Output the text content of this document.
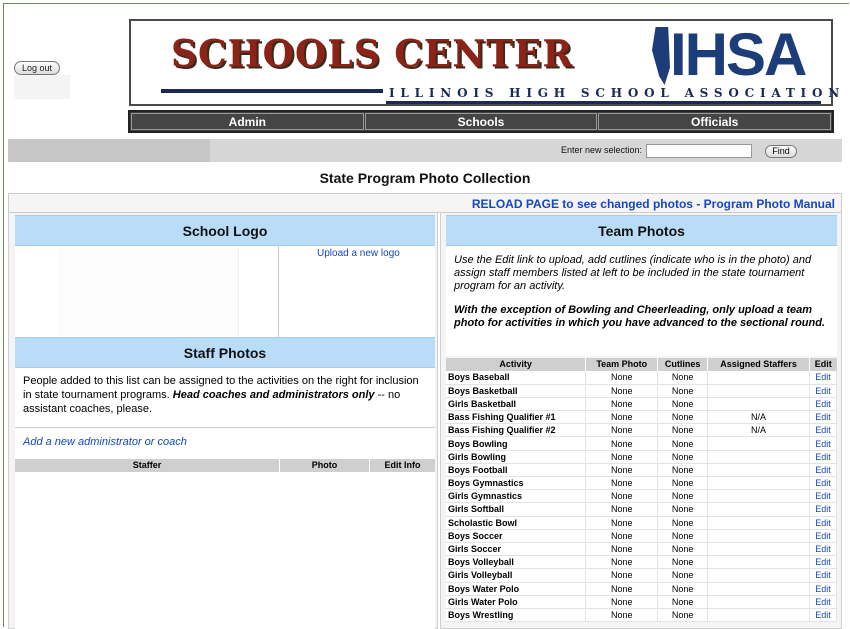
Log out	SCHOOLS CENTER
ILLINOIS HIGH SCHOOL ASSOCIATION
IHSA
Admin	Schools	Officials
Enter new selection:	Find
State Program Photo Collection
RELOAD PAGE to see changed photos - Program Photo Manual
School Logo
Upload a new logo
Staff Photos
People added to this list can be assigned to the activities on the right for inclusion in state tournament programs. Head coaches and administrators only -- no assistant coaches, please.
Add a new administrator or coach
Staffer	Photo	Edit Info
Team Photos

Use the Edit link to upload, add cutlines (indicate who is in the photo) and assign staff members listed at left to be included in the state tournament program for an activity.

With the exception of Bowling and Cheerleading, only upload a team photo for activities in which you have advanced to the sectional round.

Activity	Team Photo	Cutlines	Assigned Staffers	Edit
Boys Baseball	None	None		Edit
Boys Basketball	None	None		Edit
Girls Basketball	None	None		Edit
Bass Fishing Qualifier #1	None	None	N/A	Edit
Bass Fishing Qualifier #2	None	None	N/A	Edit
Boys Bowling	None	None		Edit
Girls Bowling	None	None		Edit
Boys Football	None	None		Edit
Boys Gymnastics	None	None		Edit
Girls Gymnastics	None	None		Edit
Girls Softball	None	None		Edit
Scholastic Bowl	None	None		Edit
Boys Soccer	None	None		Edit
Girls Soccer	None	None		Edit
Boys Volleyball	None	None		Edit
Girls Volleyball	None	None		Edit
Boys Water Polo	None	None		Edit
Girls Water Polo	None	None		Edit
Boys Wrestling	None	None		Edit
